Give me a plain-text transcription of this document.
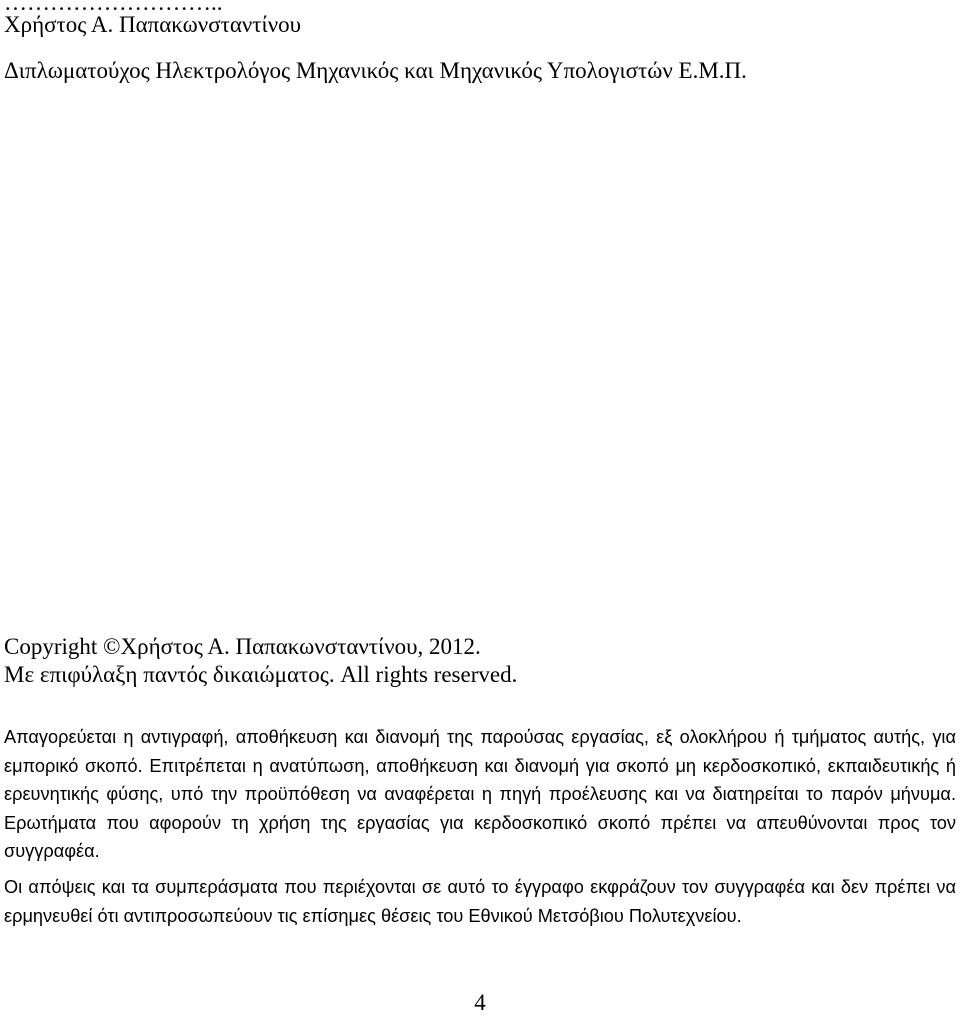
………………………..
Χρήστος Α. Παπακωνσταντίνου
Διπλωματούχος Ηλεκτρολόγος Μηχανικός και Μηχανικός Υπολογιστών Ε.Μ.Π.
Copyright ©Χρήστος Α. Παπακωνσταντίνου, 2012.
Με επιφύλαξη παντός δικαιώματος. All rights reserved.
Απαγορεύεται η αντιγραφή, αποθήκευση και διανομή της παρούσας εργασίας, εξ ολοκλήρου ή τμήματος αυτής, για εμπορικό σκοπό. Επιτρέπεται η ανατύπωση, αποθήκευση και διανομή για σκοπό μη κερδοσκοπικό, εκπαιδευτικής ή ερευνητικής φύσης, υπό την προϋπόθεση να αναφέρεται η πηγή προέλευσης και να διατηρείται το παρόν μήνυμα. Ερωτήματα που αφορούν τη χρήση της εργασίας για κερδοσκοπικό σκοπό πρέπει να απευθύνονται προς τον συγγραφέα.
Οι απόψεις και τα συμπεράσματα που περιέχονται σε αυτό το έγγραφο εκφράζουν τον συγγραφέα και δεν πρέπει να ερμηνευθεί ότι αντιπροσωπεύουν τις επίσημες θέσεις του Εθνικού Μετσόβιου Πολυτεχνείου.
4
